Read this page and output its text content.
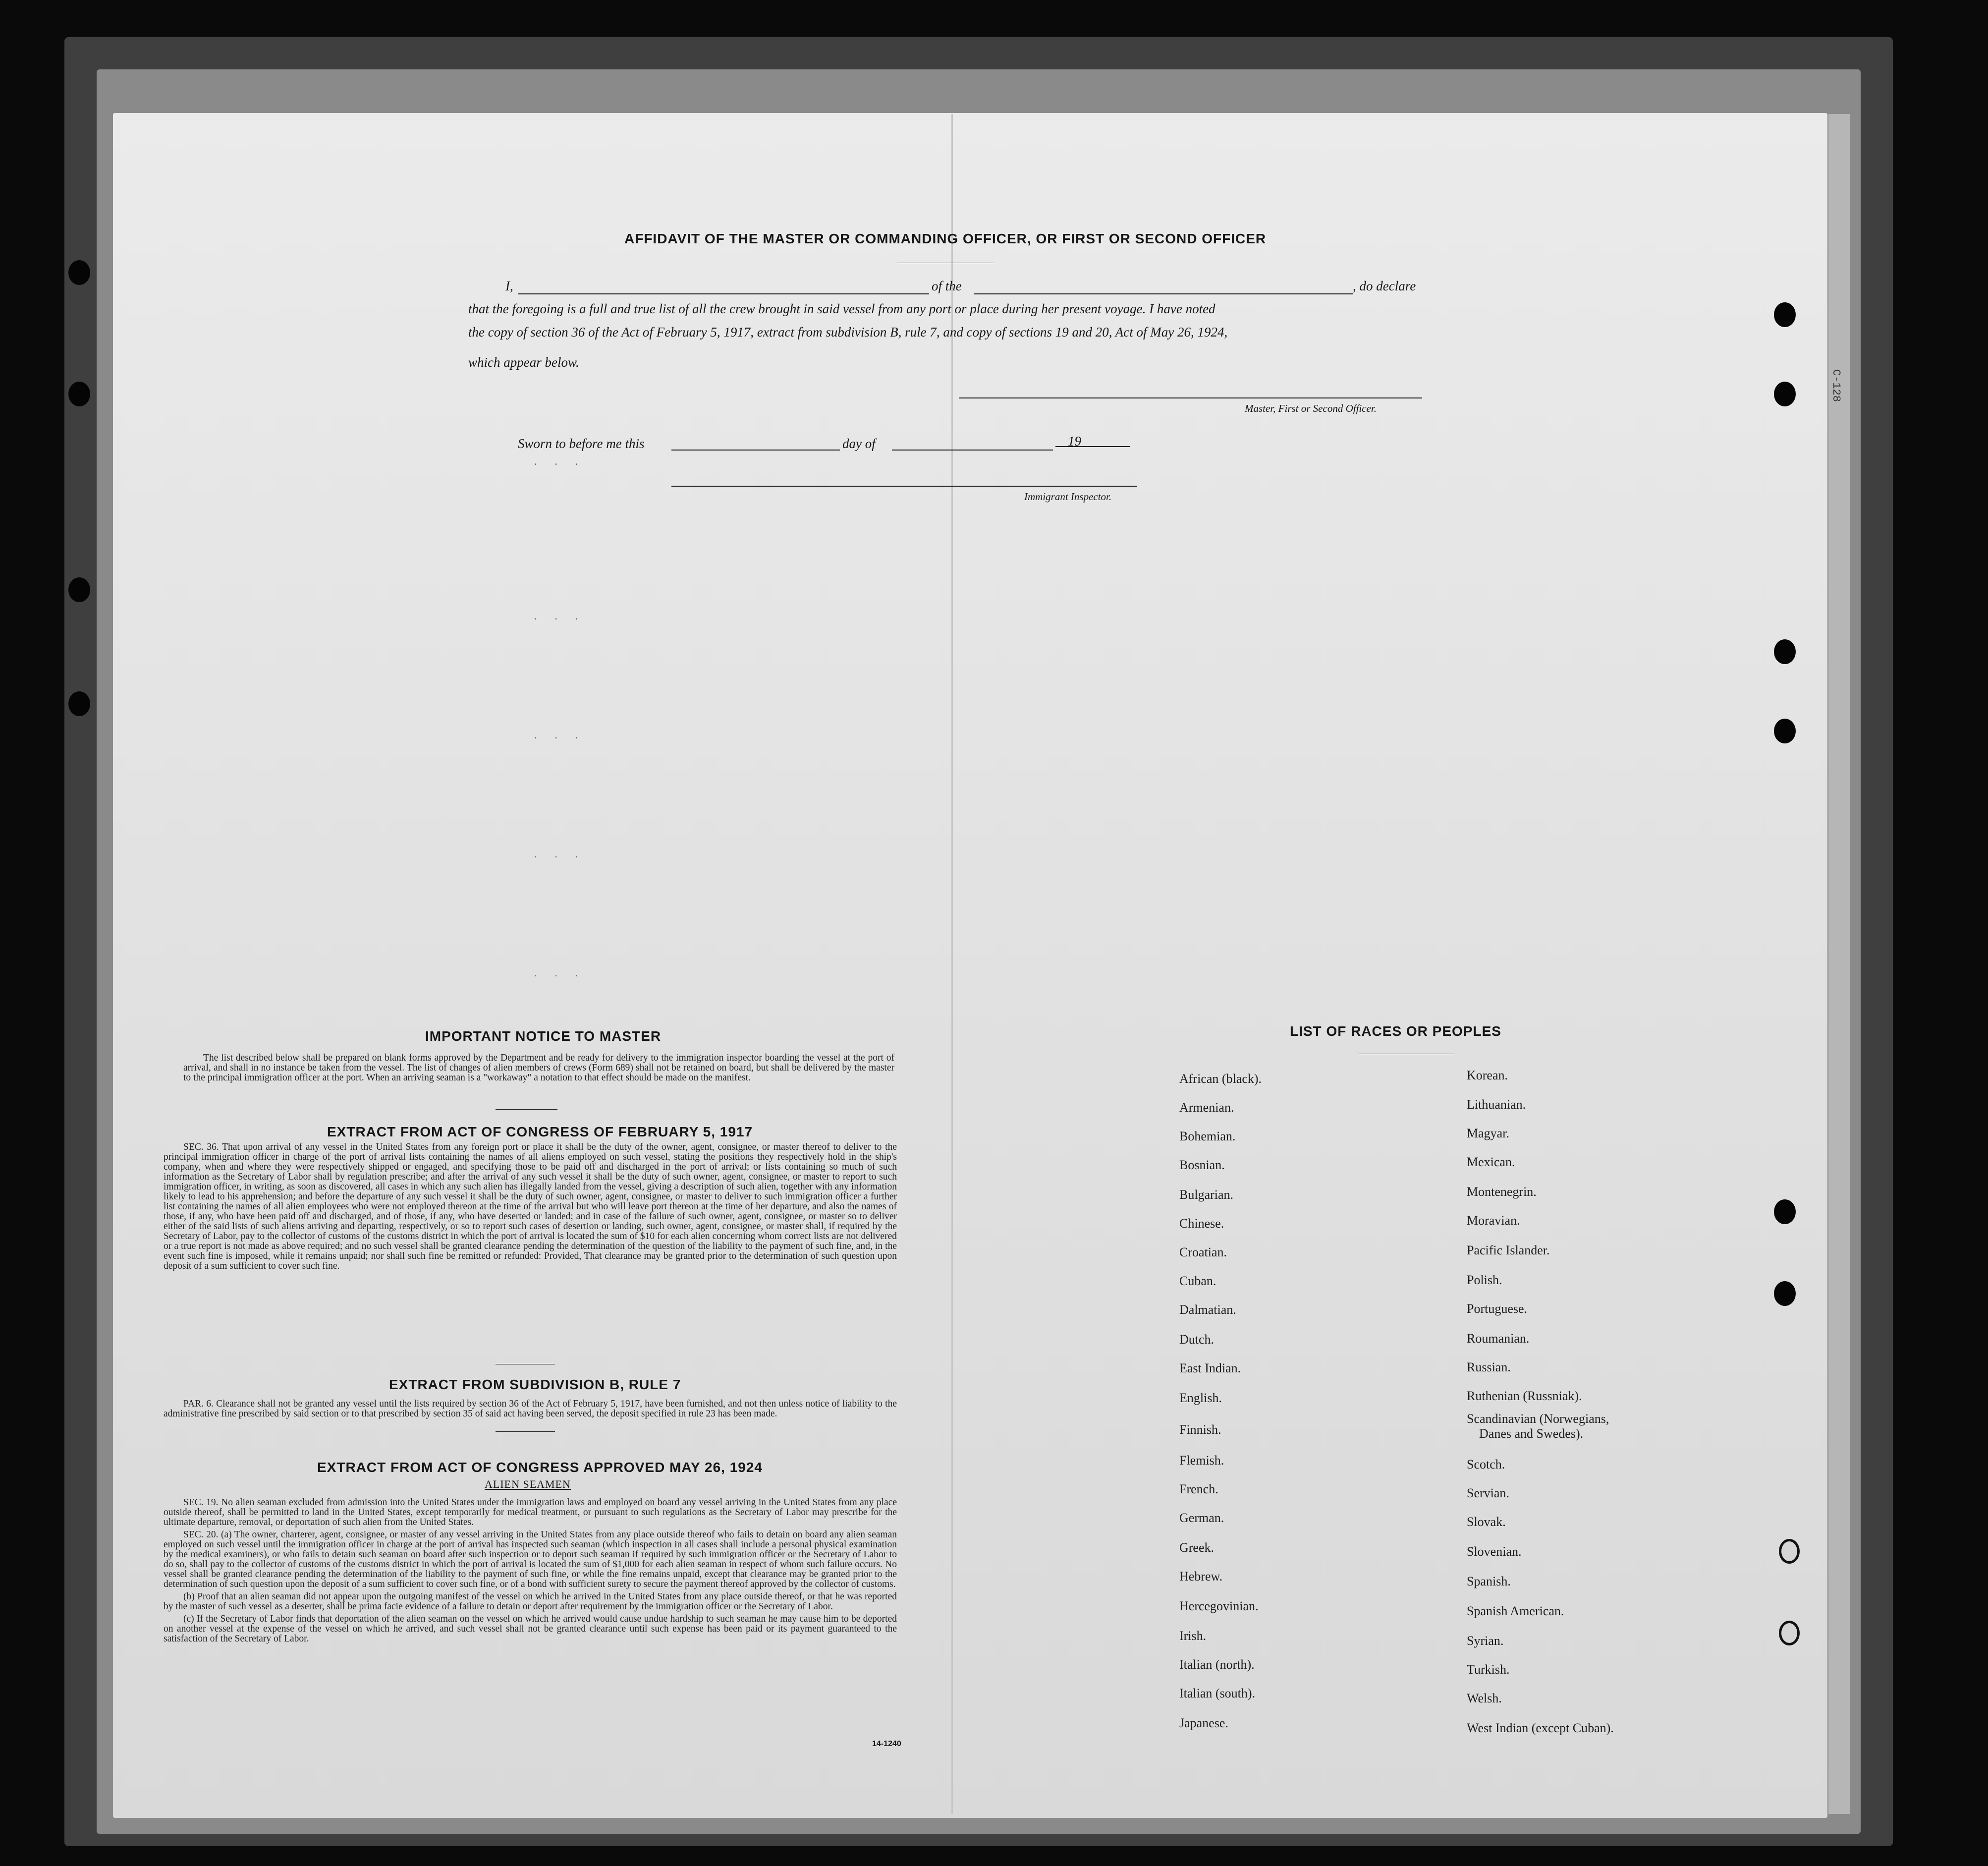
C-128
AFFIDAVIT OF THE MASTER OR COMMANDING OFFICER, OR FIRST OR SECOND OFFICER
I,	of the	, do declare
that the foregoing is a full and true list of all the crew brought in said vessel from any port or place during her present voyage. I have noted
the copy of section 36 of the Act of February 5, 1917, extract from subdivision B, rule 7, and copy of sections 19 and 20, Act of May 26, 1924,
which appear below.
Master, First or Second Officer.
Sworn to before me this	day of	19
Immigrant Inspector.
· · ·
· · ·
· · ·
· · ·
· · ·
IMPORTANT NOTICE TO MASTER

The list described below shall be prepared on blank forms approved by the Department and be ready for delivery to the immigration inspector boarding the vessel at the port of arrival, and shall in no instance be taken from the vessel. The list of changes of alien members of crews (Form 689) shall not be retained on board, but shall be delivered by the master to the principal immigration officer at the port. When an arriving seaman is a "workaway" a notation to that effect should be made on the manifest.

EXTRACT FROM ACT OF CONGRESS OF FEBRUARY 5, 1917

SEC. 36. That upon arrival of any vessel in the United States from any foreign port or place it shall be the duty of the owner, agent, consignee, or master thereof to deliver to the principal immigration officer in charge of the port of arrival lists containing the names of all aliens employed on such vessel, stating the positions they respectively hold in the ship's company, when and where they were respectively shipped or engaged, and specifying those to be paid off and discharged in the port of arrival; or lists containing so much of such information as the Secretary of Labor shall by regulation prescribe; and after the arrival of any such vessel it shall be the duty of such owner, agent, consignee, or master to report to such immigration officer, in writing, as soon as discovered, all cases in which any such alien has illegally landed from the vessel, giving a description of such alien, together with any information likely to lead to his apprehension; and before the departure of any such vessel it shall be the duty of such owner, agent, consignee, or master to deliver to such immigration officer a further list containing the names of all alien employees who were not employed thereon at the time of the arrival but who will leave port thereon at the time of her departure, and also the names of those, if any, who have been paid off and discharged, and of those, if any, who have deserted or landed; and in case of the failure of such owner, agent, consignee, or master so to deliver either of the said lists of such aliens arriving and departing, respectively, or so to report such cases of desertion or landing, such owner, agent, consignee, or master shall, if required by the Secretary of Labor, pay to the collector of customs of the customs district in which the port of arrival is located the sum of $10 for each alien concerning whom correct lists are not delivered or a true report is not made as above required; and no such vessel shall be granted clearance pending the determination of the question of the liability to the payment of such fine, and, in the event such fine is imposed, while it remains unpaid; nor shall such fine be remitted or refunded: Provided, That clearance may be granted prior to the determination of such question upon deposit of a sum sufficient to cover such fine.

EXTRACT FROM SUBDIVISION B, RULE 7

PAR. 6. Clearance shall not be granted any vessel until the lists required by section 36 of the Act of February 5, 1917, have been furnished, and not then unless notice of liability to the administrative fine prescribed by said section or to that prescribed by section 35 of said act having been served, the deposit specified in rule 23 has been made.

EXTRACT FROM ACT OF CONGRESS APPROVED MAY 26, 1924
ALIEN SEAMEN

SEC. 19. No alien seaman excluded from admission into the United States under the immigration laws and employed on board any vessel arriving in the United States from any place outside thereof, shall be permitted to land in the United States, except temporarily for medical treatment, or pursuant to such regulations as the Secretary of Labor may prescribe for the ultimate departure, removal, or deportation of such alien from the United States.

SEC. 20. (a) The owner, charterer, agent, consignee, or master of any vessel arriving in the United States from any place outside thereof who fails to detain on board any alien seaman employed on such vessel until the immigration officer in charge at the port of arrival has inspected such seaman (which inspection in all cases shall include a personal physical examination by the medical examiners), or who fails to detain such seaman on board after such inspection or to deport such seaman if required by such immigration officer or the Secretary of Labor to do so, shall pay to the collector of customs of the customs district in which the port of arrival is located the sum of $1,000 for each alien seaman in respect of whom such failure occurs. No vessel shall be granted clearance pending the determination of the liability to the payment of such fine, or while the fine remains unpaid, except that clearance may be granted prior to the determination of such question upon the deposit of a sum sufficient to cover such fine, or of a bond with sufficient surety to secure the payment thereof approved by the collector of customs.

(b) Proof that an alien seaman did not appear upon the outgoing manifest of the vessel on which he arrived in the United States from any place outside thereof, or that he was reported by the master of such vessel as a deserter, shall be prima facie evidence of a failure to detain or deport after requirement by the immigration officer or the Secretary of Labor.

(c) If the Secretary of Labor finds that deportation of the alien seaman on the vessel on which he arrived would cause undue hardship to such seaman he may cause him to be deported on another vessel at the expense of the vessel on which he arrived, and such vessel shall not be granted clearance until such expense has been paid or its payment guaranteed to the satisfaction of the Secretary of Labor.

14-1240
LIST OF RACES OR PEOPLES
African (black).
Armenian.
Bohemian.
Bosnian.
Bulgarian.
Chinese.
Croatian.
Cuban.
Dalmatian.
Dutch.
East Indian.
English.
Finnish.
Flemish.
French.
German.
Greek.
Hebrew.
Hercegovinian.
Irish.
Italian (north).
Italian (south).
Japanese.
Korean.
Lithuanian.
Magyar.
Mexican.
Montenegrin.
Moravian.
Pacific Islander.
Polish.
Portuguese.
Roumanian.
Russian.
Ruthenian (Russniak).
Scandinavian (Norwegians,
Danes and Swedes).
Scotch.
Servian.
Slovak.
Slovenian.
Spanish.
Spanish American.
Syrian.
Turkish.
Welsh.
West Indian (except Cuban).
